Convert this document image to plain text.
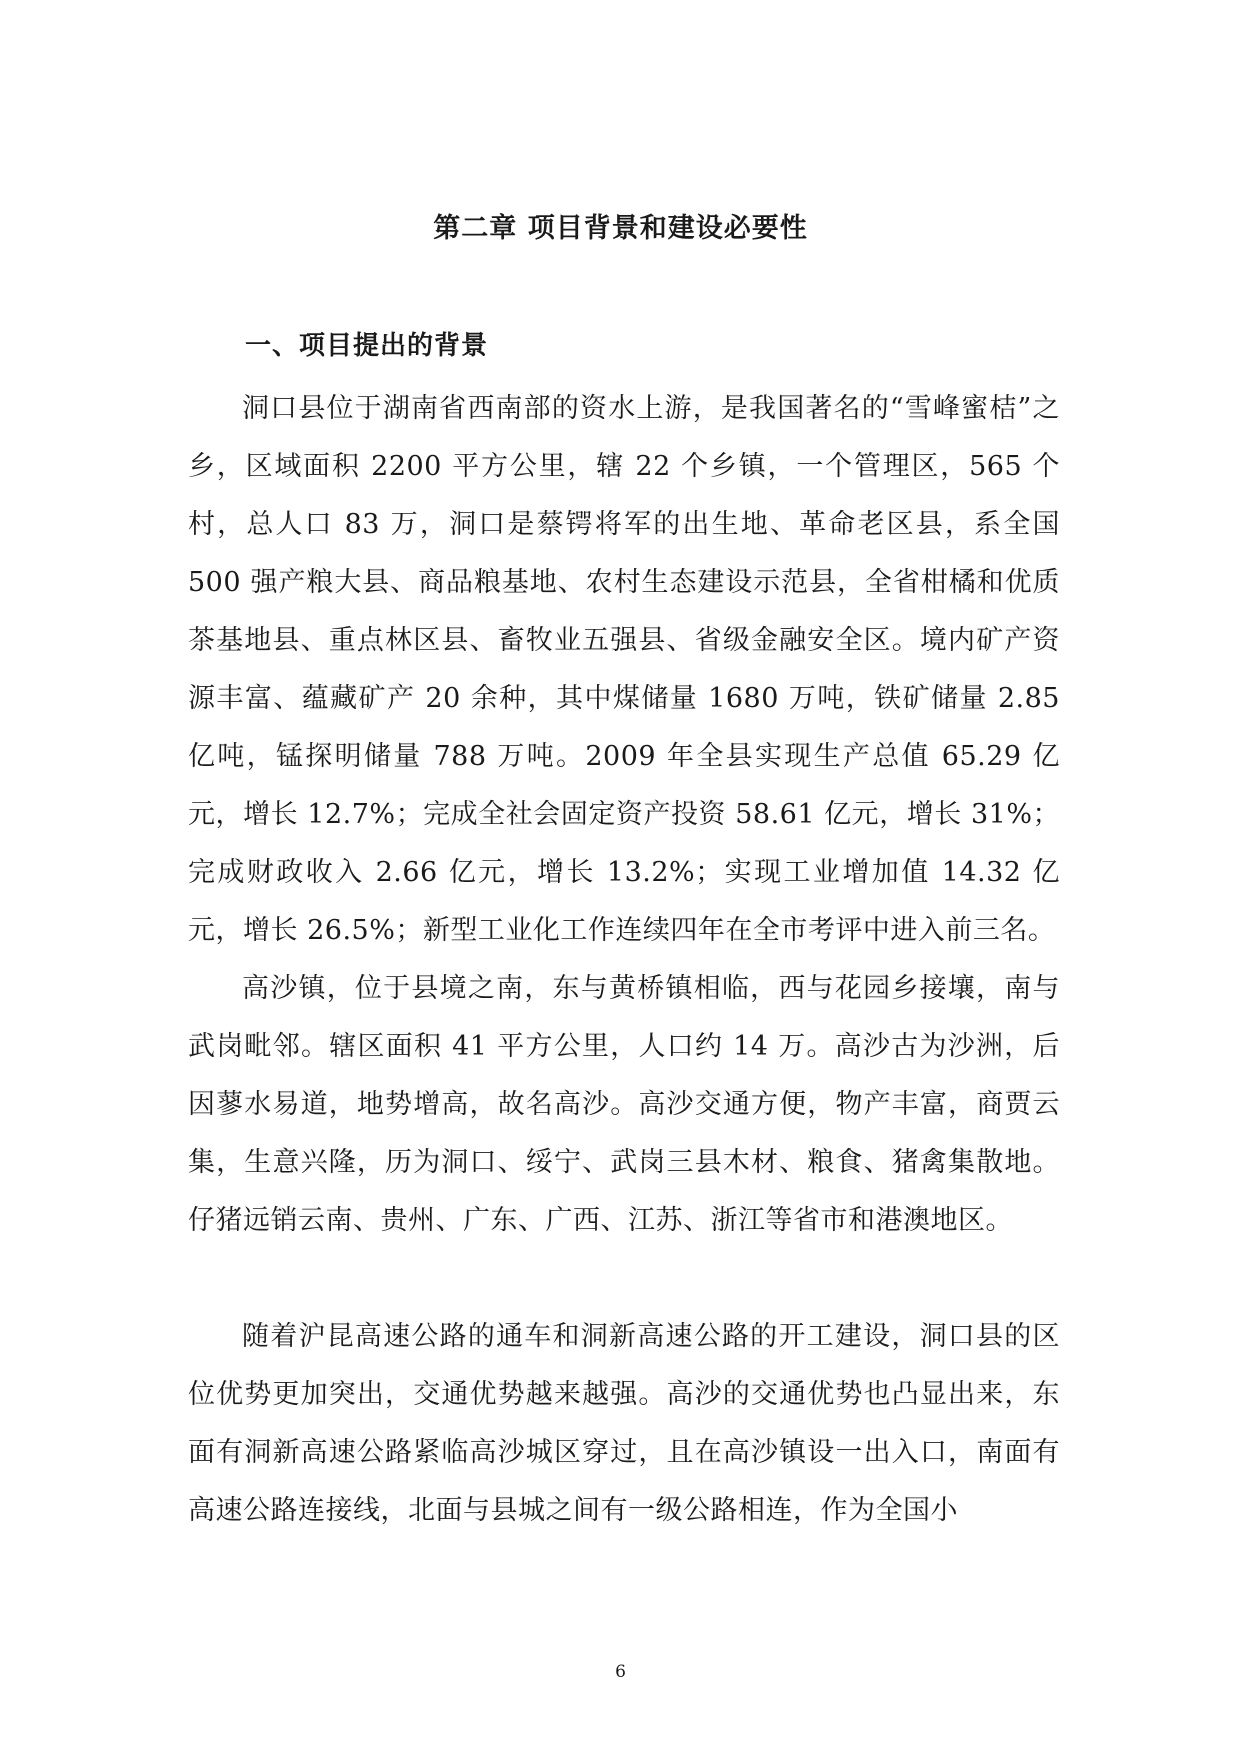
第二章 项目背景和建设必要性
一、项目提出的背景

洞口县位于湖南省西南部的资水上游，是我国著名的“雪峰蜜桔”之乡，区域面积 2200 平方公里，辖 22 个乡镇，一个管理区，565 个村，总人口 83 万，洞口是蔡锷将军的出生地、革命老区县，系全国 500 强产粮大县、商品粮基地、农村生态建设示范县，全省柑橘和优质茶基地县、重点林区县、畜牧业五强县、省级金融安全区。境内矿产资源丰富、蕴藏矿产 20 余种，其中煤储量 1680 万吨，铁矿储量 2.85 亿吨，锰探明储量 788 万吨。2009 年全县实现生产总值 65.29 亿元，增长 12.7%；完成全社会固定资产投资 58.61 亿元，增长 31%；完成财政收入 2.66 亿元，增长 13.2%；实现工业增加值 14.32 亿元，增长 26.5%；新型工业化工作连续四年在全市考评中进入前三名。

高沙镇，位于县境之南，东与黄桥镇相临，西与花园乡接壤，南与武岗毗邻。辖区面积 41 平方公里，人口约 14 万。高沙古为沙洲，后因蓼水易道，地势增高，故名高沙。高沙交通方便，物产丰富，商贾云集，生意兴隆，历为洞口、绥宁、武岗三县木材、粮食、猪禽集散地。仔猪远销云南、贵州、广东、广西、江苏、浙江等省市和港澳地区。

随着沪昆高速公路的通车和洞新高速公路的开工建设，洞口县的区位优势更加突出，交通优势越来越强。高沙的交通优势也凸显出来，东面有洞新高速公路紧临高沙城区穿过，且在高沙镇设一出入口，南面有高速公路连接线，北面与县城之间有一级公路相连，作为全国小

6
